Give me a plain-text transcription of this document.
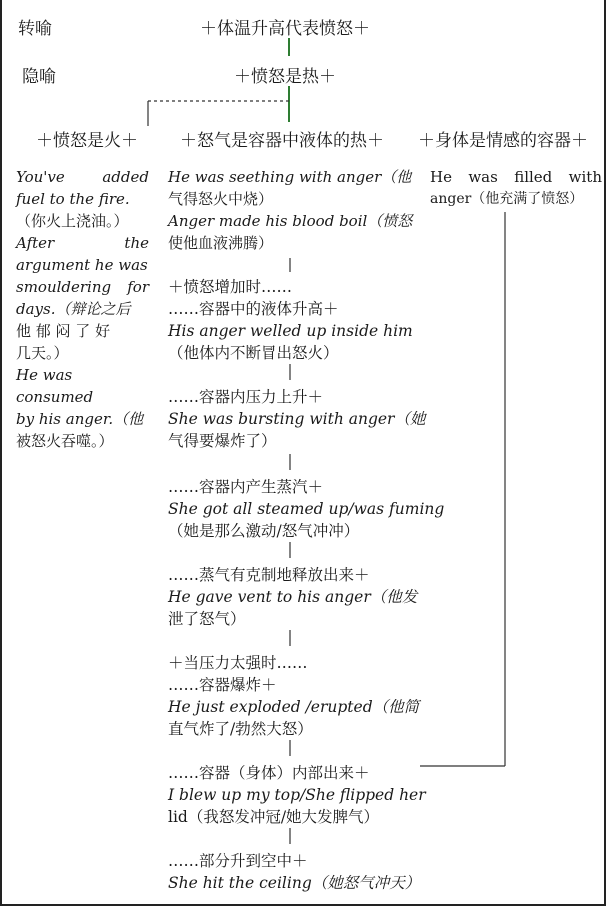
转喻
隐喻
＋体温升高代表愤怒＋
＋愤怒是热＋
＋愤怒是火＋ ＋怒气是容器中液体的热＋ ＋身体是情感的容器＋
You've added
fuel to the fire.
（你火上浇油。）
After the
argument he was
smouldering for
days.（辩论之后
他 郁 闷 了 好
几天。）
He was consumed
by his anger.（他
被怒火吞噬。）
He was seething with anger（他
气得怒火中烧）
Anger made his blood boil（愤怒
使他血液沸腾）
＋愤怒增加时……
……容器中的液体升高＋
His anger welled up inside him
（他体内不断冒出怒火）
……容器内压力上升＋
She was bursting with anger（她
气得要爆炸了）
……容器内产生蒸汽＋
She got all steamed up/was fuming
（她是那么激动/怒气冲冲）
……蒸气有克制地释放出来＋
He gave vent to his anger（他发
泄了怒气）
＋当压力太强时……
……容器爆炸＋
He just exploded /erupted（他简
直气炸了/勃然大怒）
……容器（身体）内部出来＋
I blew up my top/She flipped her
lid（我怒发冲冠/她大发脾气）
……部分升到空中＋
She hit the ceiling（她怒气冲天）
He was filled with
anger（他充满了愤怒）
